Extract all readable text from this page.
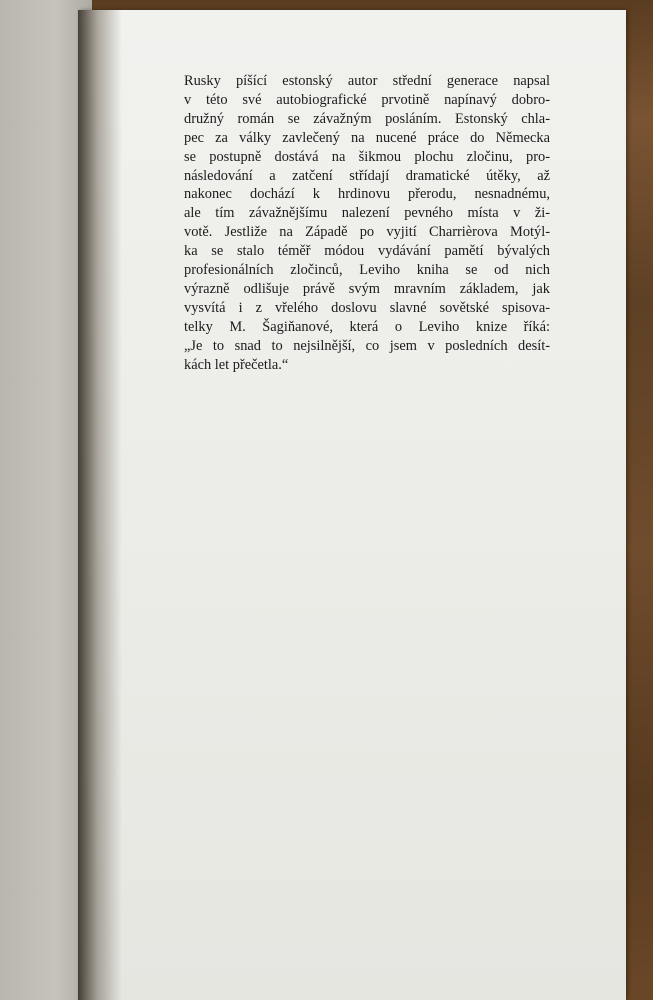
Rusky píšící estonský autor střední generace napsal
v této své autobiografické prvotině napínavý dobro-
družný román se závažným posláním. Estonský chla-
pec za války zavlečený na nucené práce do Německa
se postupně dostává na šikmou plochu zločinu, pro-
následování a zatčení střídají dramatické útěky, až
nakonec dochází k hrdinovu přerodu, nesnadnému,
ale tím závažnějšímu nalezení pevného místa v ži-
votě. Jestliže na Západě po vyjití Charrièrova Motýl-
ka se stalo téměř módou vydávání pamětí bývalých
profesionálních zločinců, Leviho kniha se od nich
výrazně odlišuje právě svým mravním základem, jak
vysvítá i z vřelého doslovu slavné sovětské spisova-
telky M. Šagiňanové, která o Leviho knize říká:
„Je to snad to nejsilnější, co jsem v posledních desít-
kách let přečetla.“
